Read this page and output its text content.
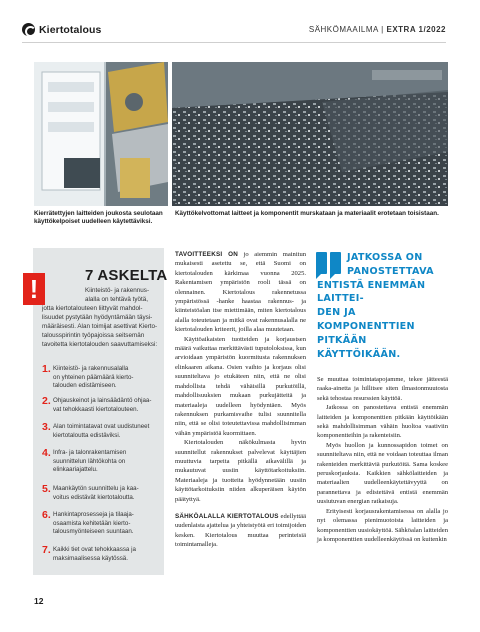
Kiertotalous	SÄHKÖMAAILMA | EXTRA 1/2022
Kierrätettyjen laitteiden joukosta seulotaan käyttökelpoiset uudelleen käytettäviksi.
Käyttökelvottomat laitteet ja komponentit murskataan ja materiaalit erotetaan toisistaan.
!
7 ASKELTA

Kiinteistö- ja rakennus-

alalla on tehtävä työtä,

jotta kiertotalouteen liittyvät mahdol-

lisuudet pystytään hyödyntämään täysi-

määräisesti. Alan toimijat asettivat Kierto-

talousspirintin työpajoissa seitsemän

tavoitetta kiertotalouden saavuttamiseksi:

1. Kiinteistö- ja rakennusalalla
on yhteinen päämäärä kierto-
talouden edistämiseen.
2. Ohjauskeinot ja lainsäädäntö ohjaa-
vat tehokkaasti kiertotalouteen.
3. Alan toimintatavat ovat uudistuneet
kiertotaloutta edistäviksi.
4. Infra- ja talonrakentamisen
suunnittelun lähtökohta on
elinkaariajattelu.
5. Maankäytön suunnittelu ja kaa-
voitus edistävät kiertotaloutta.
6. Hankintaprosessejа ja tilaaja-
osaamista kehitetään kierto-
talousmyönteiseen suuntaan.
7. Kaikki tiet ovat tehokkaassa ja
maksimaalisessa käytössä.

TAVOITTEEKSI ON jo aiemmin mainitun mukaisesti asetettu se, että Suomi on kiertotalouden kärkimaa vuonna 2025. Rakentamisen ympäristön rooli tässä on olennainen. Kiertotalous rakennetussa ympäristössä -hanke haastaa rakennus- ja kiinteistöalan itse miettimään, miten kiertotalous alalla toteutetaan ja mitkä ovat rakennusalalla ne kiertotalouden kriteerit, joilla alaa muutetaan.

Käyttöaikaisten tuotteiden ja korjaustsen määrä vaikuttaa merkittävästi tuputoloksissa, kun arvioidaan ympäristön kuormitusta rakennuksen elinkaaren aikana. Osien vaihto ja korjaus olisi suunniteltava jo etukäteen niin, että ne olisi mahdollista tehdä vähäisillä purkutöillä, mahdollisuuksien mukaan purkujätteitä ja materiaaleja uudelleen hyödyntäen. Myös rakennuksen purkamisvaihe tulisi suunnitella niin, että se olisi toteutettavissa mahdollisimman vähän ympäristöä kuormittaen.

Kiertotalouden näkökulmasta hyvin suunnitellut rakennukset palvelevat käyttäjien muuttuvia tarpeita pitkällä aikavälillä ja mukautuvat uusiin käyttötarkoituksiin. Materiaaleja ja tuotteita hyödynnetään uusiin käyttötarkoituksiin niiden alkuperäisen käytön päätyttyä.

SÄHKÖALALLA KIERTOTALOUS edellyttää uudenlaista ajattelua ja yhteistyötä eri toimijoiden kesken. Kiertotalous muuttaa perinteisiä toimintamalleja.

JATKOSSA ON
PANOSTETTAVA
ENTISTÄ ENEMMÄN LAITTEI-
DEN JA KOMPONENTTIEN
PITKÄÄN KÄYTTÖIKÄÄN.

Se muuttaa toimintatapojamme, tekee jätteestä raaka-ainetta ja hillitsee siten ilmastonmuutosta sekä tehostaa resurssien käyttöä.

Jatkossa on panostettava entistä enemmän laitteiden ja komponenttien pitkään käyttöikään sekä mahdollisimman vähäin huoltoa vaativiin komponentteihin ja rakenteisiin.

Myös huollon ja kunnossapidon toimet on suunniteltava niin, että ne voidaan toteuttaa ilman rakenteiden merkittäviä purkutöitä. Sama koskee peruskorjauksia. Kaikkien sähkölaitteiden ja materiaalien uudelleenkäytettävyyttä on parannettava ja edistettävä entistä enemmän uusiutuvan energian ratkaisuja.

Erityisesti korjausrakentamisessa on alalla jo nyt olemassa pienimuotoista laitteiden ja komponenttien uusiokäyttöä. Sähköalan laitteiden ja komponenttien uudelleenkäytössä on kuitenkin

12
